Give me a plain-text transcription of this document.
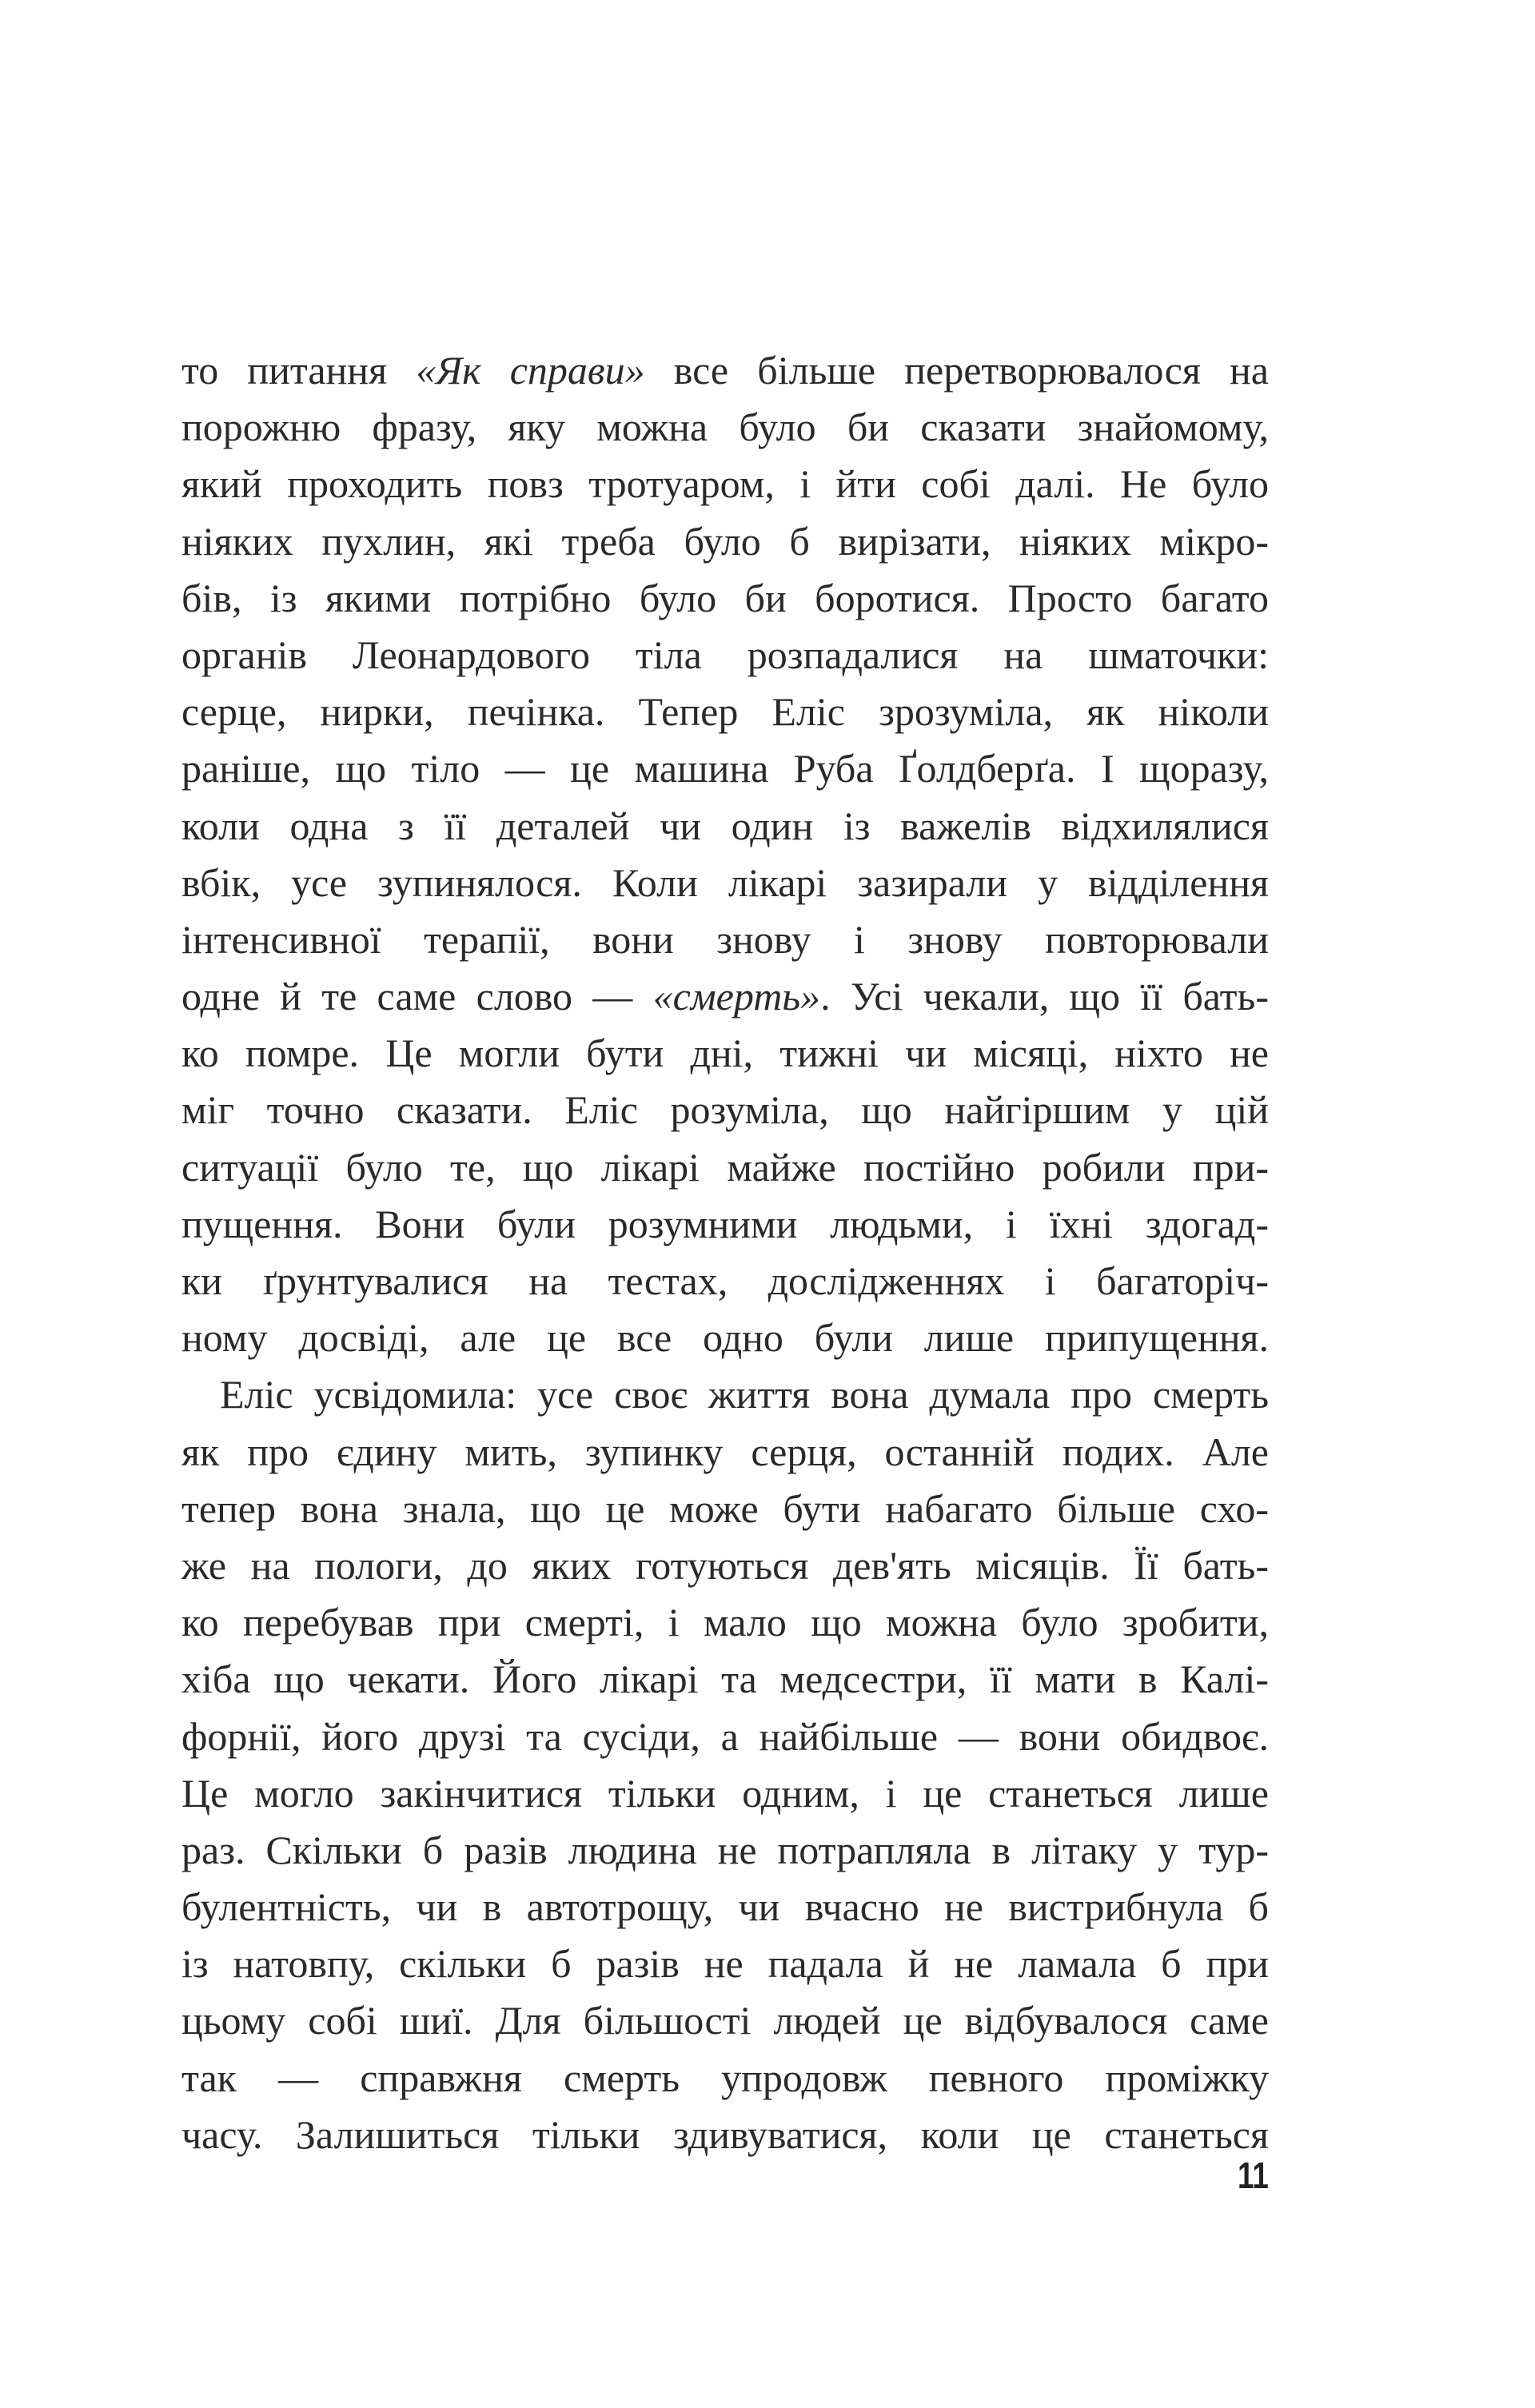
то питання «Як справи» все більше перетворювалося на
порожню фразу, яку можна було би сказати знайомому,
який проходить повз тротуаром, і йти собі далі. Не було
ніяких пухлин, які треба було б вирізати, ніяких мікро-
бів, із якими потрібно було би боротися. Просто багато
органів Леонардового тіла розпадалися на шматочки:
серце, нирки, печінка. Тепер Еліс зрозуміла, як ніколи
раніше, що тіло — це машина Руба Ґолдберґа. І щоразу,
коли одна з її деталей чи один із важелів відхилялися
вбік, усе зупинялося. Коли лікарі зазирали у відділення
інтенсивної терапії, вони знову і знову повторювали
одне й те саме слово — «смерть». Усі чекали, що її бать-
ко помре. Це могли бути дні, тижні чи місяці, ніхто не
міг точно сказати. Еліс розуміла, що найгіршим у цій
ситуації було те, що лікарі майже постійно робили при-
пущення. Вони були розумними людьми, і їхні здогад-
ки ґрунтувалися на тестах, дослідженнях і багаторіч-
ному досвіді, але це все одно були лише припущення.
Еліс усвідомила: усе своє життя вона думала про смерть
як про єдину мить, зупинку серця, останній подих. Але
тепер вона знала, що це може бути набагато більше схо-
же на пологи, до яких готуються дев'ять місяців. Її бать-
ко перебував при смерті, і мало що можна було зробити,
хіба що чекати. Його лікарі та медсестри, її мати в Калі-
форнії, його друзі та сусіди, а найбільше — вони обидвоє.
Це могло закінчитися тільки одним, і це станеться лише
раз. Скільки б разів людина не потрапляла в літаку у тур-
булентність, чи в автотрощу, чи вчасно не вистрибнула б
із натовпу, скільки б разів не падала й не ламала б при
цьому собі шиї. Для більшості людей це відбувалося саме
так — справжня смерть упродовж певного проміжку
часу. Залишиться тільки здивуватися, коли це станеться
11
